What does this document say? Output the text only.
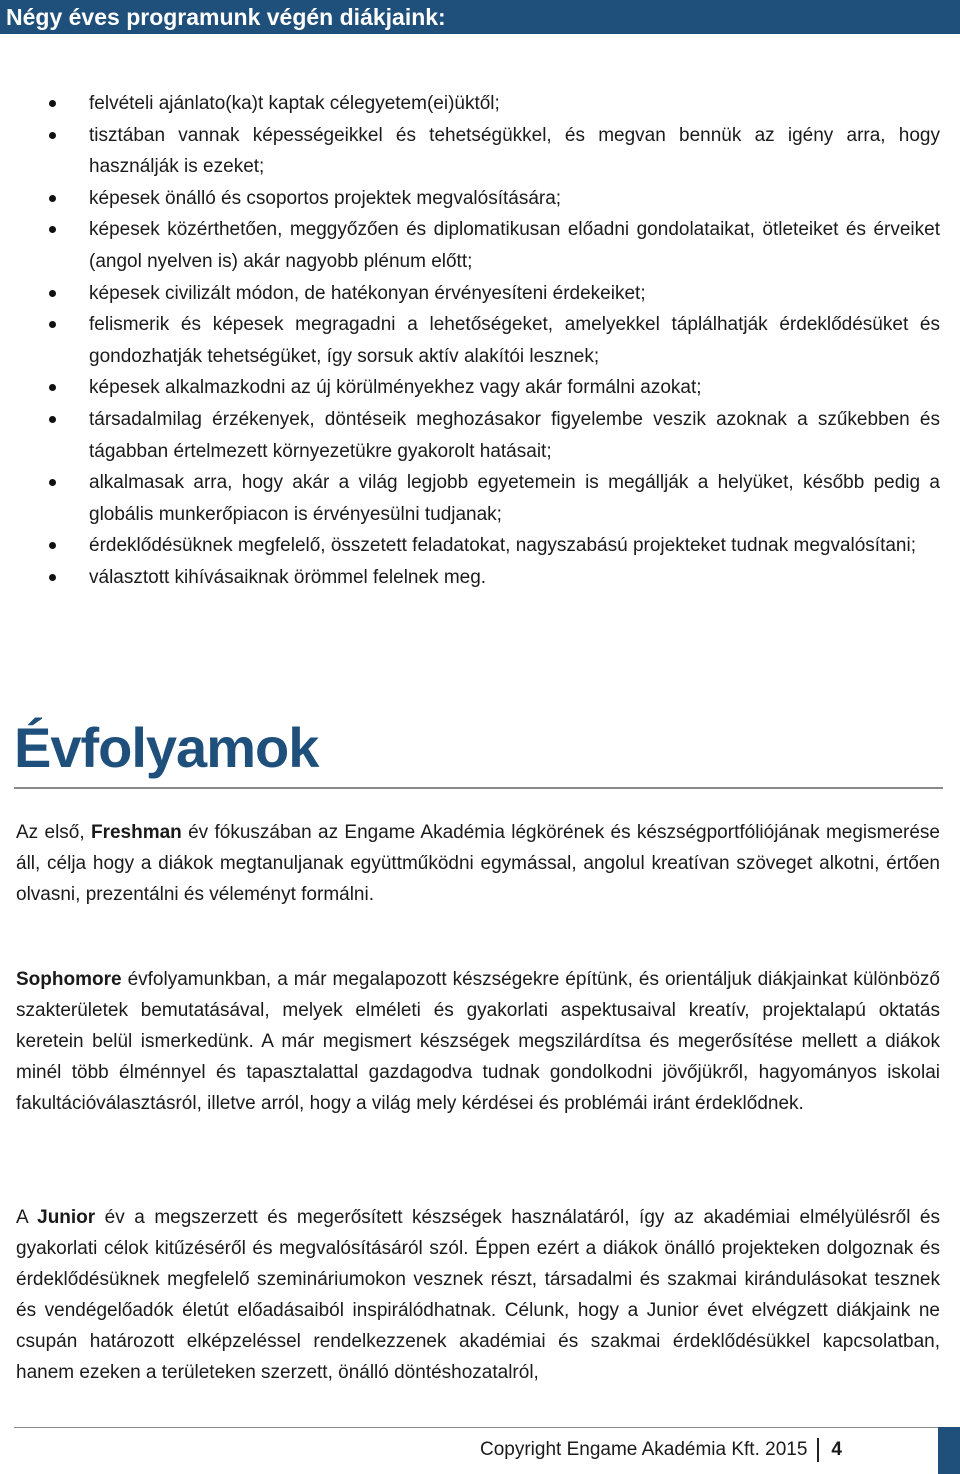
Négy éves programunk végén diákjaink:
felvételi ajánlato(ka)t kaptak célegyetem(ei)üktől;
tisztában vannak képességeikkel és tehetségükkel, és megvan bennük az igény arra, hogy használják is ezeket;
képesek önálló és csoportos projektek megvalósítására;
képesek közérthetően, meggyőzően és diplomatikusan előadni gondolataikat, ötleteiket és érveiket (angol nyelven is) akár nagyobb plénum előtt;
képesek civilizált módon, de hatékonyan érvényesíteni érdekeiket;
felismerik és képesek megragadni a lehetőségeket, amelyekkel táplálhatják érdeklődésüket és gondozhatják tehetségüket, így sorsuk aktív alakítói lesznek;
képesek alkalmazkodni az új körülményekhez vagy akár formálni azokat;
társadalmilag érzékenyek, döntéseik meghozásakor figyelembe veszik azoknak a szűkebben és tágabban értelmezett környezetükre gyakorolt hatásait;
alkalmasak arra, hogy akár a világ legjobb egyetemein is megállják a helyüket, később pedig a globális munkerőpiacon is érvényesülni tudjanak;
érdeklődésüknek megfelelő, összetett feladatokat, nagyszabású projekteket tudnak megvalósítani;
választott kihívásaiknak örömmel felelnek meg.
Évfolyamok

Az első, Freshman év fókuszában az Engame Akadémia légkörének és készségportfóliójának megismerése áll, célja hogy a diákok megtanuljanak együttműködni egymással, angolul kreatívan szöveget alkotni, értően olvasni, prezentálni és véleményt formálni.

Sophomore évfolyamunkban, a már megalapozott készségekre építünk, és orientáljuk diákjainkat különböző szakterületek bemutatásával, melyek elméleti és gyakorlati aspektusaival kreatív, projektalapú oktatás keretein belül ismerkedünk. A már megismert készségek megszilárdítsa és megerősítése mellett a diákok minél több élménnyel és tapasztalattal gazdagodva tudnak gondolkodni jövőjükről, hagyományos iskolai fakultációválasztásról, illetve arról, hogy a világ mely kérdései és problémái iránt érdeklődnek.

A Junior év a megszerzett és megerősített készségek használatáról, így az akadémiai elmélyülésről és gyakorlati célok kitűzéséről és megvalósításáról szól. Éppen ezért a diákok önálló projekteken dolgoznak és érdeklődésüknek megfelelő szemináriumokon vesznek részt, társadalmi és szakmai kirándulásokat tesznek és vendégelőadók életút előadásaiból inspirálódhatnak. Célunk, hogy a Junior évet elvégzett diákjaink ne csupán határozott elképzeléssel rendelkezzenek akadémiai és szakmai érdeklődésükkel kapcsolatban, hanem ezeken a területeken szerzett, önálló döntéshozatalról,

Copyright Engame Akadémia Kft. 2015 4
